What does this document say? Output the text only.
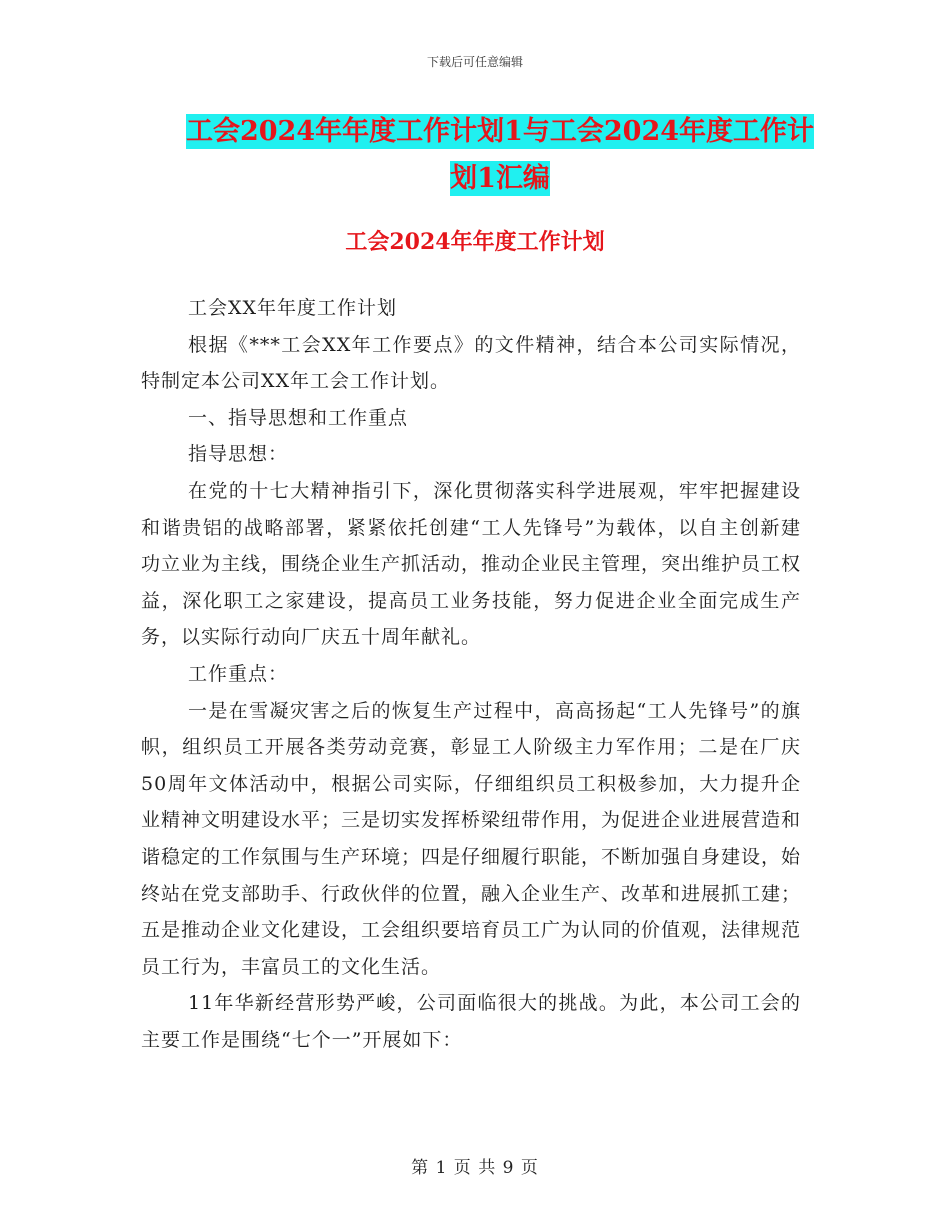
下载后可任意编辑
工会2024年年度工作计划1与工会2024年度工作计
划1汇编
工会2024年年度工作计划

工会XX年年度工作计划

根据《***工会XX年工作要点》的文件精神，结合本公司实际情况，特制定本公司XX年工会工作计划。

一、指导思想和工作重点

指导思想：

在党的十七大精神指引下，深化贯彻落实科学进展观，牢牢把握建设和谐贵铝的战略部署，紧紧依托创建“工人先锋号”为载体，以自主创新建功立业为主线，围绕企业生产抓活动，推动企业民主管理，突出维护员工权益，深化职工之家建设，提高员工业务技能，努力促进企业全面完成生产务，以实际行动向厂庆五十周年献礼。

工作重点：

一是在雪凝灾害之后的恢复生产过程中，高高扬起“工人先锋号”的旗帜，组织员工开展各类劳动竞赛，彰显工人阶级主力军作用；二是在厂庆50周年文体活动中，根据公司实际，仔细组织员工积极参加，大力提升企业精神文明建设水平；三是切实发挥桥梁纽带作用，为促进企业进展营造和谐稳定的工作氛围与生产环境；四是仔细履行职能，不断加强自身建设，始终站在党支部助手、行政伙伴的位置，融入企业生产、改革和进展抓工建；五是推动企业文化建设，工会组织要培育员工广为认同的价值观，法律规范员工行为，丰富员工的文化生活。

11年华新经营形势严峻，公司面临很大的挑战。为此，本公司工会的主要工作是围绕“七个一”开展如下：

第 1 页 共 9 页
